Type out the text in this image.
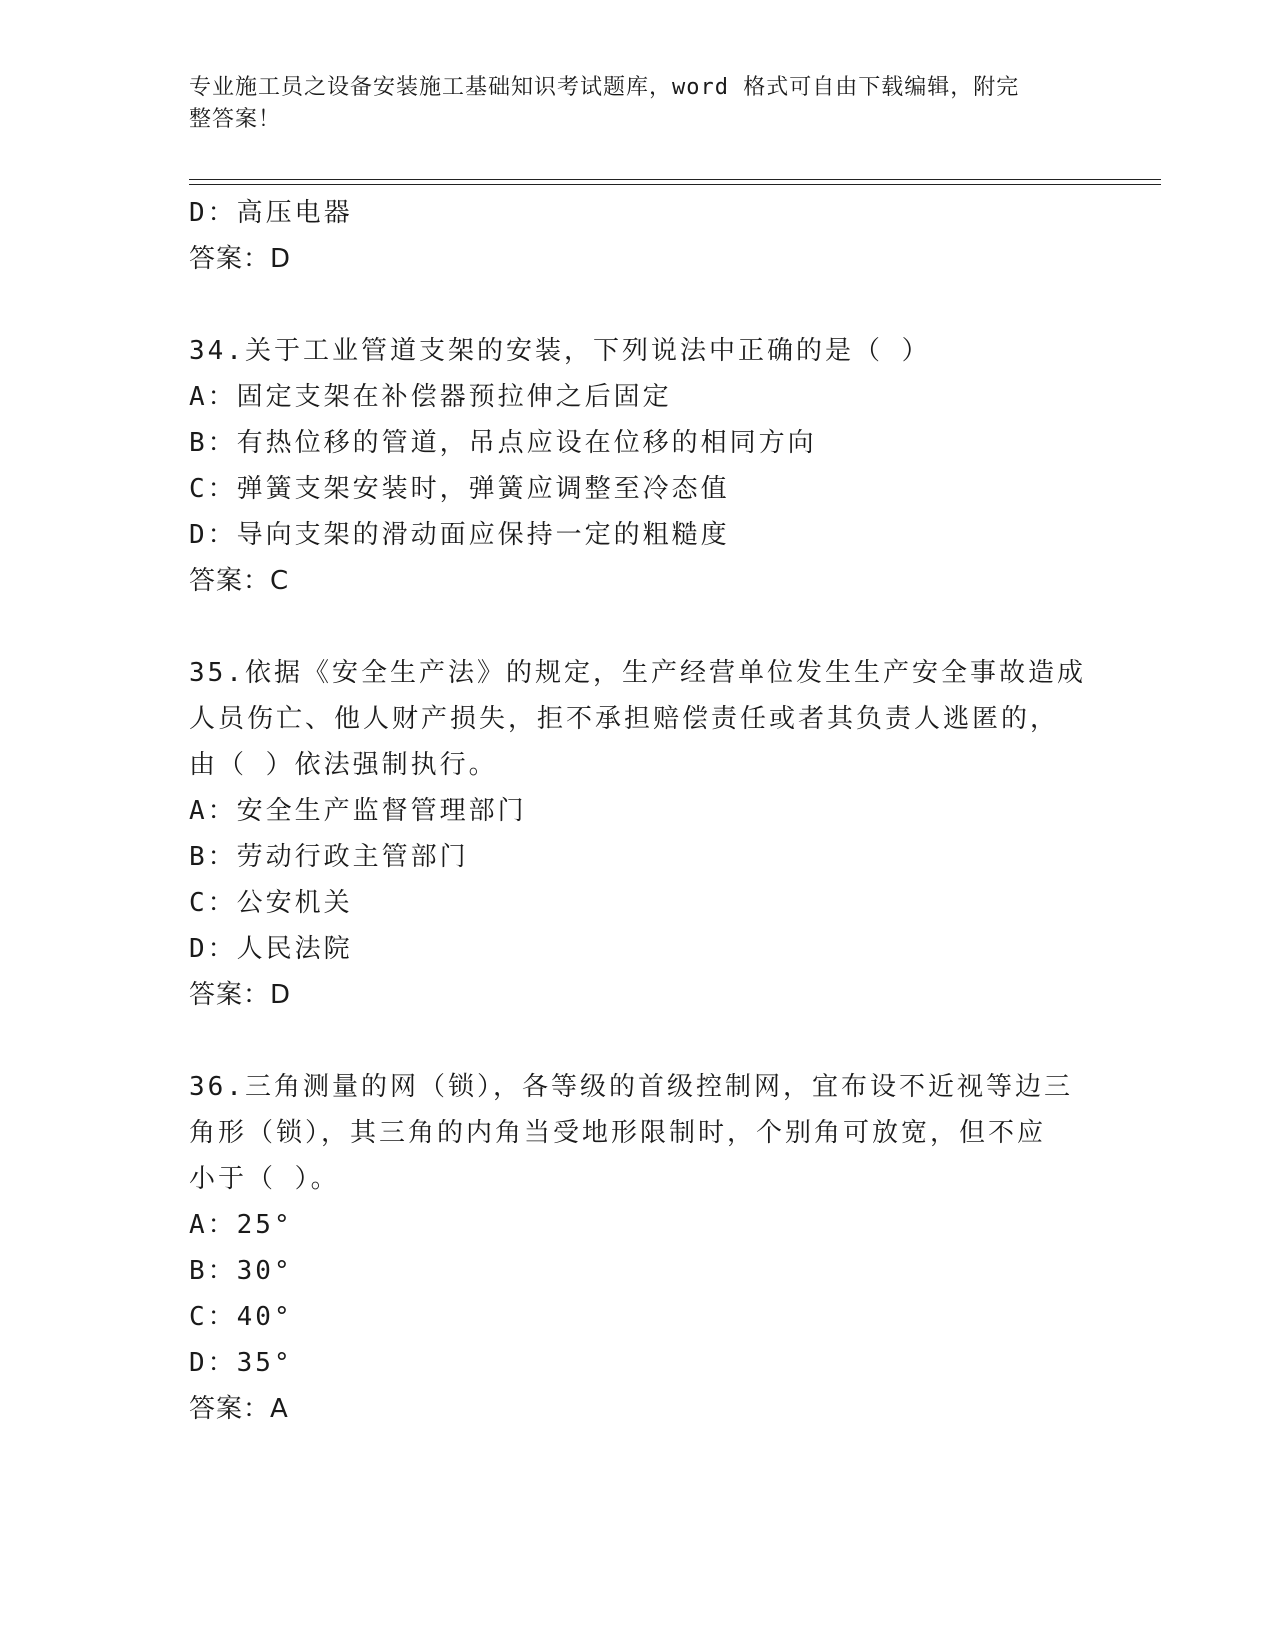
专业施工员之设备安装施工基础知识考试题库，word 格式可自由下载编辑，附完
整答案！
D：高压电器
答案：D
34.关于工业管道支架的安装，下列说法中正确的是（ ）
A：固定支架在补偿器预拉伸之后固定
B：有热位移的管道，吊点应设在位移的相同方向
C：弹簧支架安装时，弹簧应调整至冷态值
D：导向支架的滑动面应保持一定的粗糙度
答案：C
35.依据《安全生产法》的规定，生产经营单位发生生产安全事故造成
人员伤亡、他人财产损失，拒不承担赔偿责任或者其负责人逃匿的，
由（ ）依法强制执行。
A：安全生产监督管理部门
B：劳动行政主管部门
C：公安机关
D：人民法院
答案：D
36.三角测量的网（锁），各等级的首级控制网，宜布设不近视等边三
角形（锁），其三角的内角当受地形限制时，个别角可放宽，但不应
小于（ ）。
A：25°
B：30°
C：40°
D：35°
答案：A
